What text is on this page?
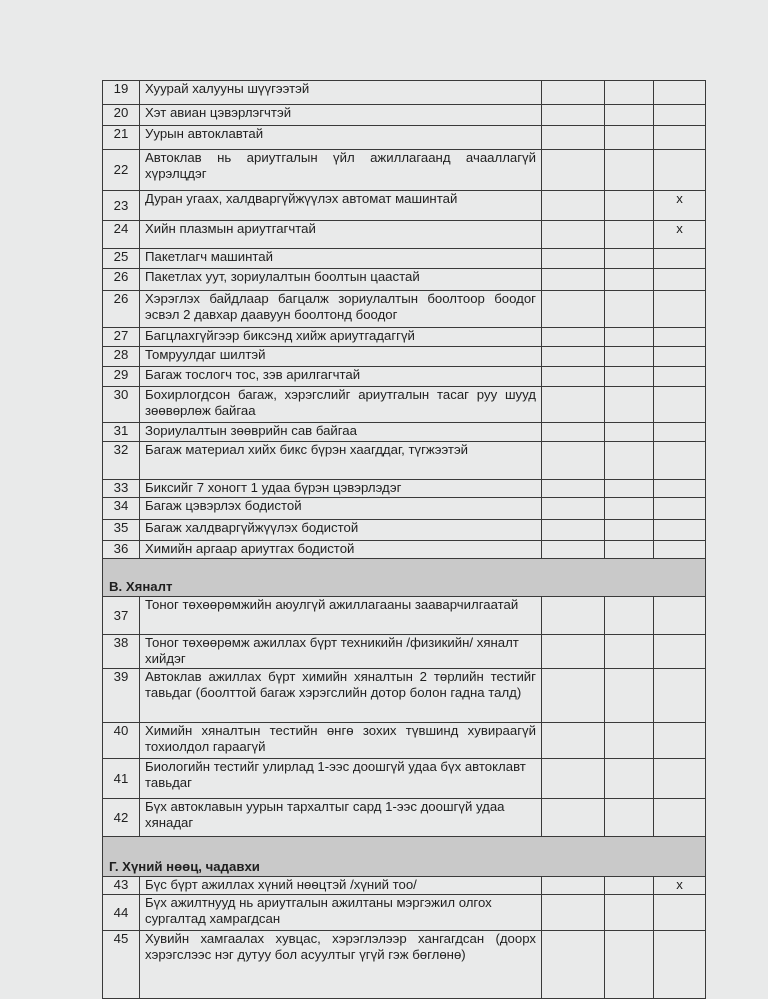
19	Хуурай халууны шүүгээтэй			
20	Хэт авиан цэвэрлэгчтэй			
21	Уурын автоклавтай			
22	Автоклав нь ариутгалын үйл ажиллагаанд ачааллагүй хүрэлцдэг			
23	Дуран угаах, халдваргүйжүүлэх автомат машинтай			x
24	Хийн плазмын ариутгагчтай			x
25	Пакетлагч машинтай			
26	Пакетлах уут, зориулалтын боолтын цаастай			
26	Хэрэглэх байдлаар багцалж зориулалтын боолтоор боодог эсвэл 2 давхар даавуун боолтонд боодог			
27	Багцлахгүйгээр биксэнд хийж ариутгадаггүй			
28	Томруулдаг шилтэй			
29	Багаж тослогч тос, зэв арилгагчтай			
30	Бохирлогдсон багаж, хэрэгслийг ариутгалын тасаг руу шууд зөөвөрлөж байгаа			
31	Зориулалтын зөөврийн сав байгаа			
32	Багаж материал хийх бикс бүрэн хаагддаг, түгжээтэй			
33	Биксийг 7 хоногт 1 удаа бүрэн цэвэрлэдэг			
34	Багаж цэвэрлэх бодистой			
35	Багаж халдваргүйжүүлэх бодистой			
36	Химийн аргаар ариутгах бодистой			
В. Хяналт				
37	Тоног төхөөрөмжийн аюулгүй ажиллагааны зааварчилгаатай			
38	Тоног төхөөрөмж ажиллах бүрт техникийн /физикийн/ хяналт хийдэг			
39	Автоклав ажиллах бүрт химийн хяналтын 2 төрлийн тестийг тавьдаг (боолттой багаж хэрэгслийн дотор болон гадна талд)			
40	Химийн хяналтын тестийн өнгө зохих түвшинд хувираагүй тохиолдол гараагүй			
41	Биологийн тестийг улирлад 1-ээс доошгүй удаа бүх автоклавт тавьдаг			
42	Бүх автоклавын уурын тархалтыг сард 1-ээс доошгүй удаа хянадаг			
Г. Хүний нөөц, чадавхи				
43	Бүс бүрт ажиллах хүний нөөцтэй /хүний тоо/			x
44	Бүх ажилтнууд нь ариутгалын ажилтаны мэргэжил олгох сургалтад хамрагдсан			
45	Хувийн хамгаалах хувцас, хэрэглэлээр хангагдсан (доорх хэрэгслээс нэг дутуу бол асуултыг үгүй гэж бөглөнө)			
